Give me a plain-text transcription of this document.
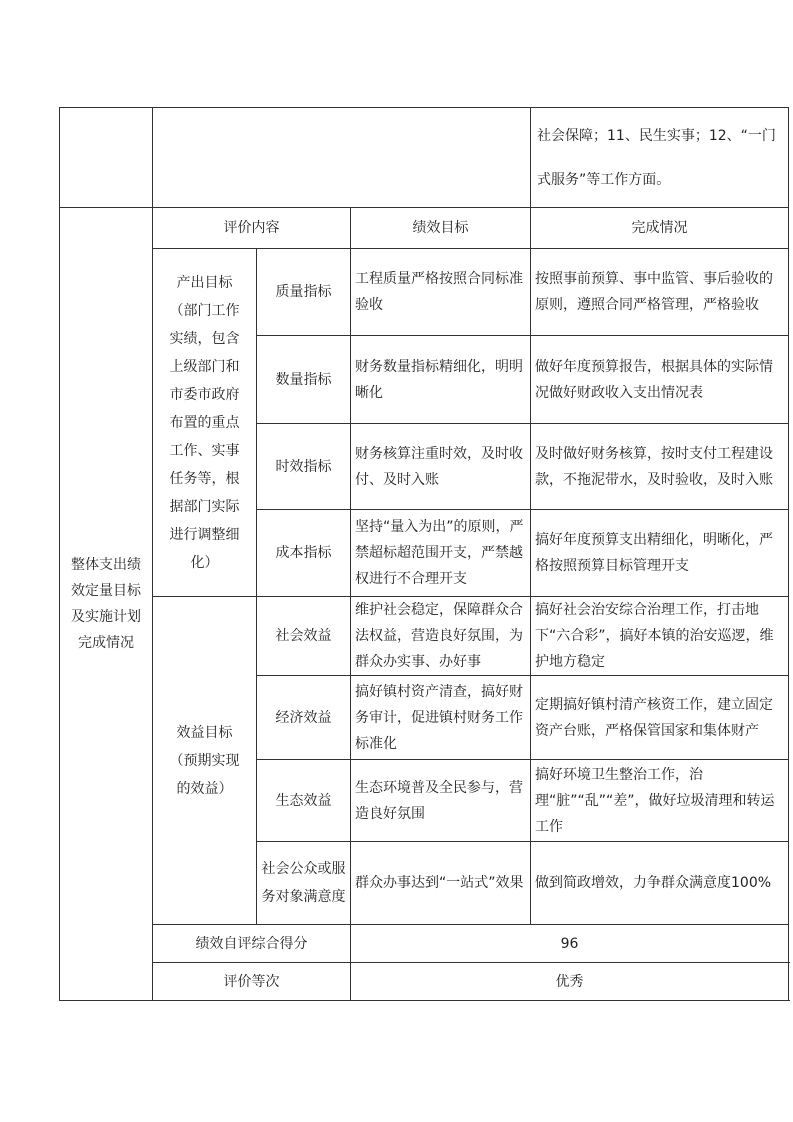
				社会保障；11、民生实事；12、“一门式服务”等工作方面。
整体支出绩效定量目标及实施计划完成情况	评价内容		绩效目标	完成情况
	产出目标（部门工作实绩，包含上级部门和市委市政府布置的重点工作、实事任务等，根据部门实际进行调整细化）	质量指标	工程质量严格按照合同标准验收	按照事前预算、事中监管、事后验收的原则，遵照合同严格管理，严格验收
		数量指标	财务数量指标精细化，明明晰化	做好年度预算报告，根据具体的实际情况做好财政收入支出情况表
		时效指标	财务核算注重时效，及时收付、及时入账	及时做好财务核算，按时支付工程建设款，不拖泥带水，及时验收，及时入账
		成本指标	坚持“量入为出”的原则，严禁超标超范围开支，严禁越权进行不合理开支	搞好年度预算支出精细化，明晰化，严格按照预算目标管理开支
	效益目标（预期实现的效益）	社会效益	维护社会稳定，保障群众合法权益，营造良好氛围，为群众办实事、办好事	搞好社会治安综合治理工作，打击地下“六合彩”，搞好本镇的治安巡逻，维护地方稳定
		经济效益	搞好镇村资产清查，搞好财务审计，促进镇村财务工作标准化	定期搞好镇村清产核资工作，建立固定资产台账，严格保管国家和集体财产
		生态效益	生态环境普及全民参与，营造良好氛围	搞好环境卫生整治工作，治理“脏”“乱”“差”，做好垃圾清理和转运工作
		社会公众或服务对象满意度	群众办事达到“一站式”效果	做到简政增效，力争群众满意度100%
	绩效自评综合得分		96	
	评价等次		优秀	
